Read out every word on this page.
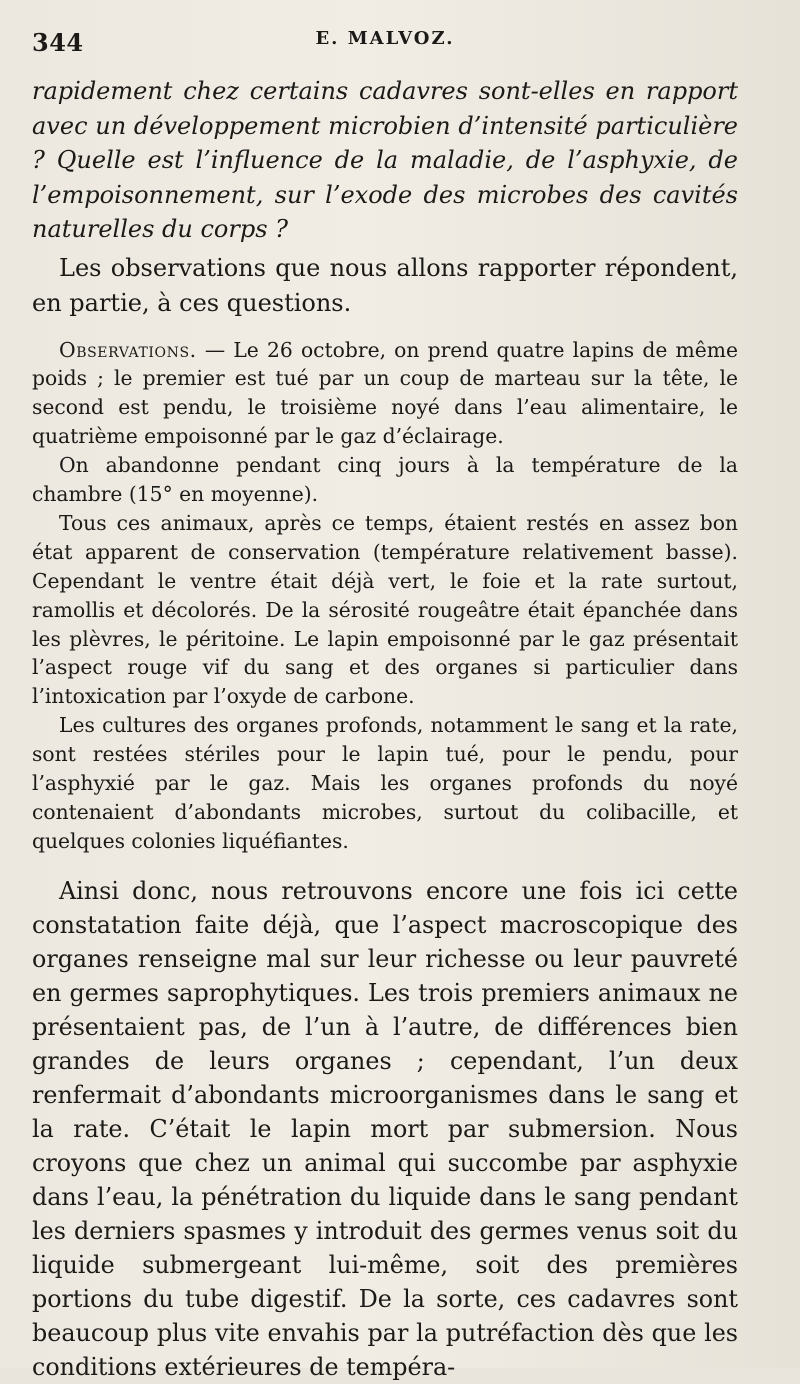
344	E. MALVOZ.

rapidement chez certains cadavres sont-elles en rapport avec un développement microbien d’intensité particulière ? Quelle est l’influence de la maladie, de l’asphyxie, de l’empoisonnement, sur l’exode des microbes des cavités naturelles du corps ?

Les observations que nous allons rapporter répondent, en partie, à ces questions.

Observations. — Le 26 octobre, on prend quatre lapins de même poids ; le premier est tué par un coup de marteau sur la tête, le second est pendu, le troisième noyé dans l’eau alimentaire, le quatrième empoisonné par le gaz d’éclairage.

On abandonne pendant cinq jours à la température de la chambre (15° en moyenne).

Tous ces animaux, après ce temps, étaient restés en assez bon état apparent de conservation (température relativement basse). Cependant le ventre était déjà vert, le foie et la rate surtout, ramollis et décolorés. De la sérosité rougeâtre était épanchée dans les plèvres, le péritoine. Le lapin empoisonné par le gaz présentait l’aspect rouge vif du sang et des organes si particulier dans l’intoxication par l’oxyde de carbone.

Les cultures des organes profonds, notamment le sang et la rate, sont restées stériles pour le lapin tué, pour le pendu, pour l’asphyxié par le gaz. Mais les organes profonds du noyé contenaient d’abondants microbes, surtout du colibacille, et quelques colonies liquéfiantes.

Ainsi donc, nous retrouvons encore une fois ici cette constatation faite déjà, que l’aspect macroscopique des organes renseigne mal sur leur richesse ou leur pauvreté en germes saprophytiques. Les trois premiers animaux ne présentaient pas, de l’un à l’autre, de différences bien grandes de leurs organes ; cependant, l’un deux renfermait d’abondants microorganismes dans le sang et la rate. C’était le lapin mort par submersion. Nous croyons que chez un animal qui succombe par asphyxie dans l’eau, la pénétration du liquide dans le sang pendant les derniers spasmes y introduit des germes venus soit du liquide submergeant lui-même, soit des premières portions du tube digestif. De la sorte, ces cadavres sont beaucoup plus vite envahis par la putréfaction dès que les conditions extérieures de tempéra-
